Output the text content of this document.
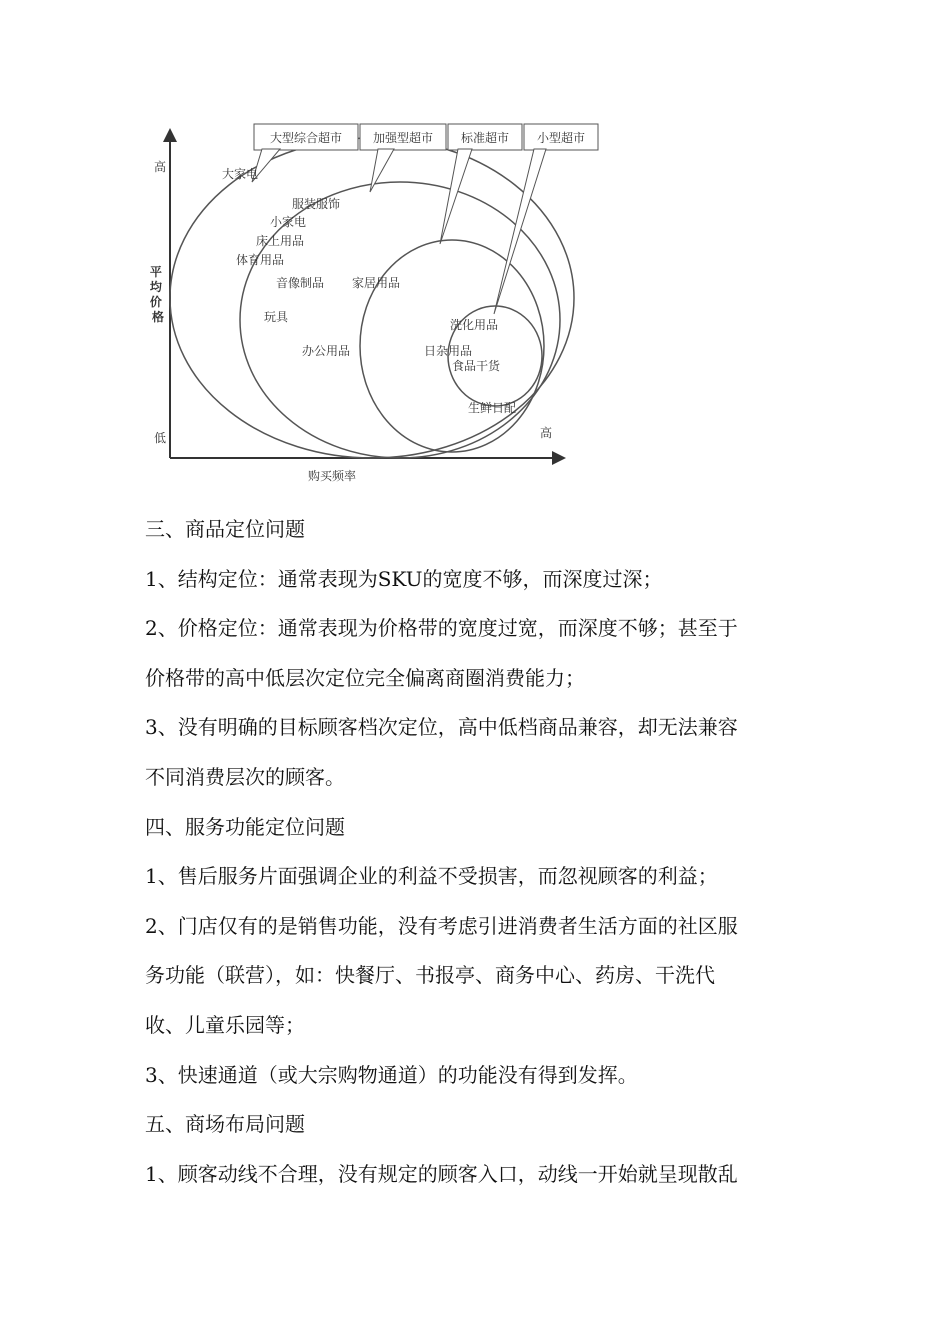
大型综合超市	加强型超市 标准超市 小型超市
高
低
平 均 价 格
高
购买频率
大家电
服装服饰
小家电
床上用品
体育用品
音像制品 家居用品
玩具
办公用品
洗化用品
日杂用品
食品干货
生鲜日配

三、商品定位问题

1、结构定位：通常表现为SKU的宽度不够，而深度过深；

2、价格定位：通常表现为价格带的宽度过宽，而深度不够；甚至于

价格带的高中低层次定位完全偏离商圈消费能力；

3、没有明确的目标顾客档次定位，高中低档商品兼容，却无法兼容

不同消费层次的顾客。

四、服务功能定位问题

1、售后服务片面强调企业的利益不受损害，而忽视顾客的利益；

2、门店仅有的是销售功能，没有考虑引进消费者生活方面的社区服

务功能（联营），如：快餐厅、书报亭、商务中心、药房、干洗代

收、儿童乐园等；

3、快速通道（或大宗购物通道）的功能没有得到发挥。

五、商场布局问题

1、顾客动线不合理，没有规定的顾客入口，动线一开始就呈现散乱
